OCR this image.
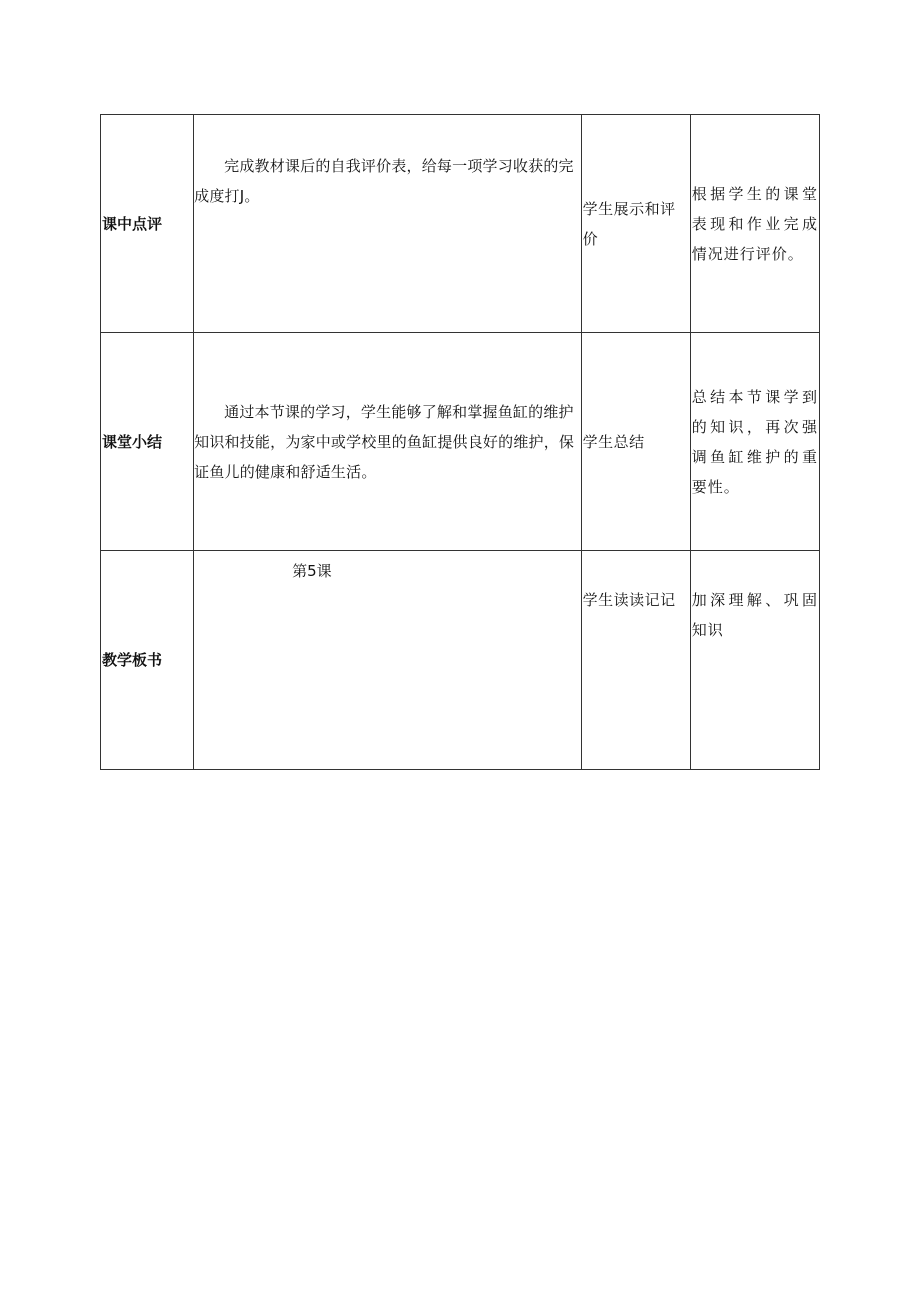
课中点评	完成教材课后的自我评价表，给每一项学习收获的完成度打J。	学生展示和评价	根据学生的课堂表现和作业完成情况进行评价。

课堂小结	通过本节课的学习，学生能够了解和掌握鱼缸的维护知识和技能，为家中或学校里的鱼缸提供良好的维护，保证鱼儿的健康和舒适生活。	学生总结	总结本节课学到的知识，再次强调鱼缸维护的重要性。

教学板书	第5课	学生读读记记	加深理解、巩固知识
